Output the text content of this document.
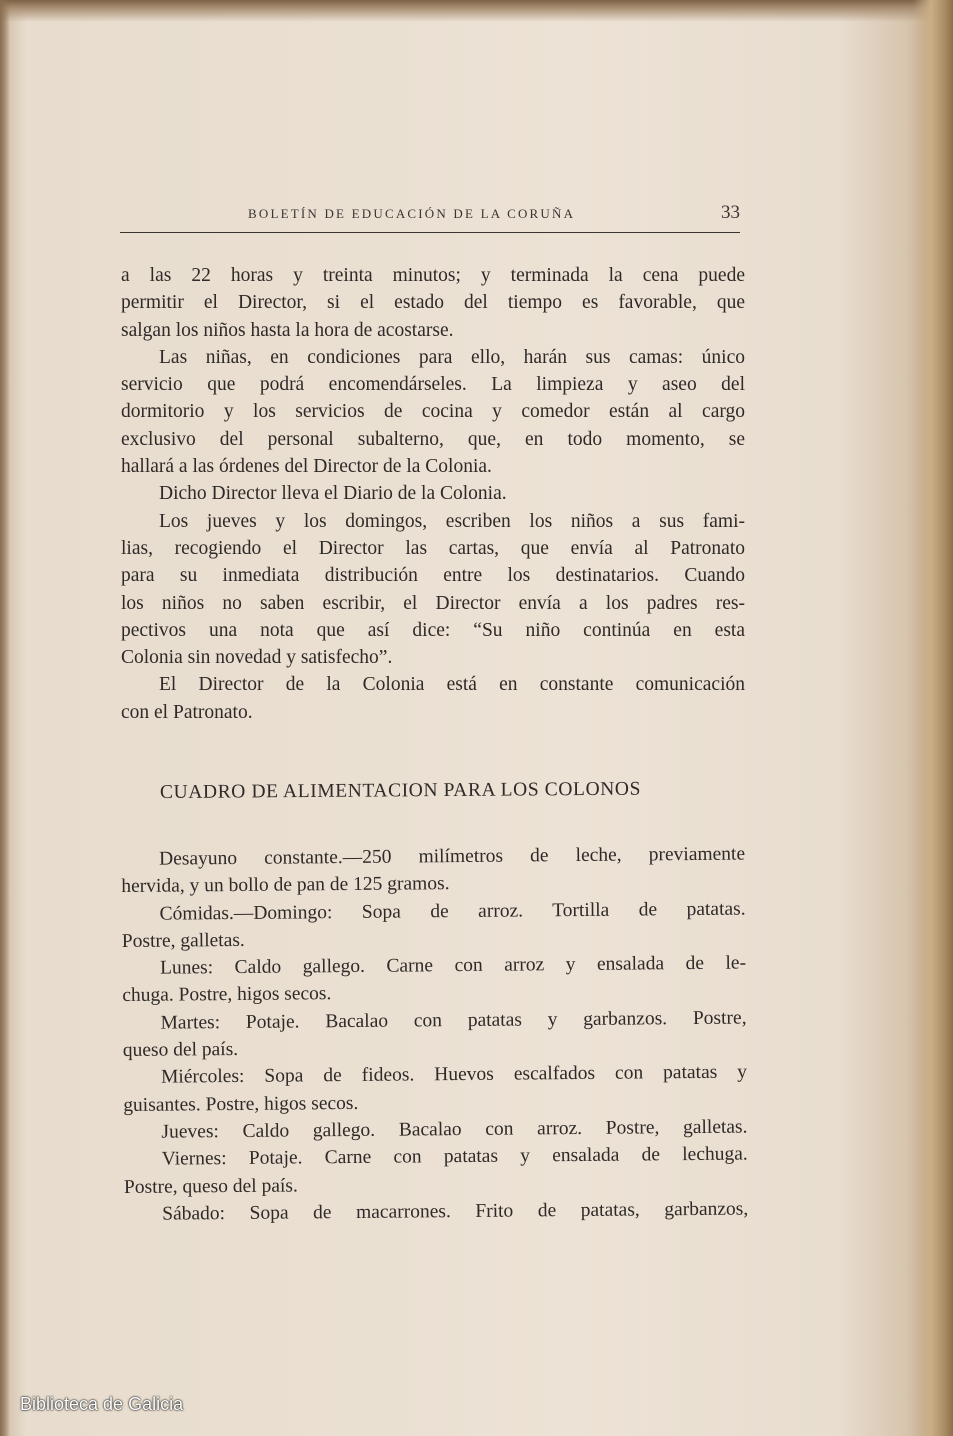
BOLETÍN DE EDUCACIÓN DE LA CORUÑA	33
a las 22 horas y treinta minutos; y terminada la cena puede
permitir el Director, si el estado del tiempo es favorable, que
salgan los niños hasta la hora de acostarse.
Las niñas, en condiciones para ello, harán sus camas: único
servicio que podrá encomendárseles. La limpieza y aseo del
dormitorio y los servicios de cocina y comedor están al cargo
exclusivo del personal subalterno, que, en todo momento, se
hallará a las órdenes del Director de la Colonia.
Dicho Director lleva el Diario de la Colonia.
Los jueves y los domingos, escriben los niños a sus fami-
lias, recogiendo el Director las cartas, que envía al Patronato
para su inmediata distribución entre los destinatarios. Cuando
los niños no saben escribir, el Director envía a los padres res-
pectivos una nota que así dice: “Su niño continúa en esta
Colonia sin novedad y satisfecho”.
El Director de la Colonia está en constante comunicación
con el Patronato.
CUADRO DE ALIMENTACION PARA LOS COLONOS
Desayuno constante.—250 milímetros de leche, previamente
hervida, y un bollo de pan de 125 gramos.
Cómidas.—Domingo: Sopa de arroz. Tortilla de patatas.
Postre, galletas.
Lunes: Caldo gallego. Carne con arroz y ensalada de le-
chuga. Postre, higos secos.
Martes: Potaje. Bacalao con patatas y garbanzos. Postre,
queso del país.
Miércoles: Sopa de fideos. Huevos escalfados con patatas y
guisantes. Postre, higos secos.
Jueves: Caldo gallego. Bacalao con arroz. Postre, galletas.
Viernes: Potaje. Carne con patatas y ensalada de lechuga.
Postre, queso del país.
Sábado: Sopa de macarrones. Frito de patatas, garbanzos,
Biblioteca de Galicia
